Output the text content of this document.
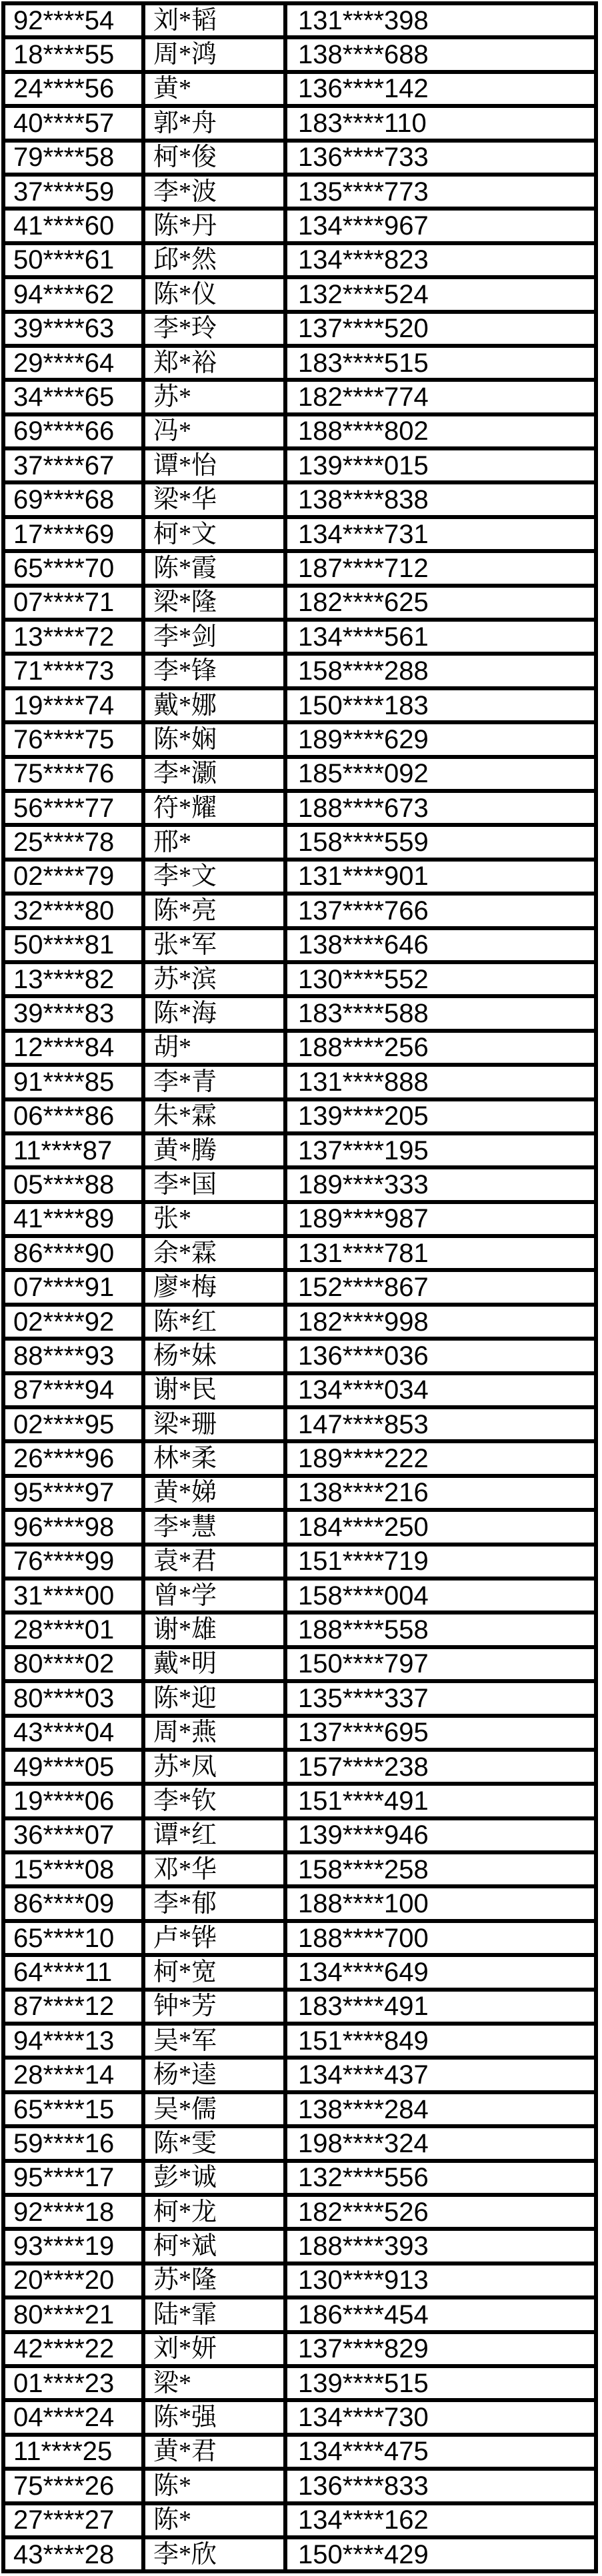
92****54	刘*韬	131****398
18****55	周*鸿	138****688
24****56	黄*	136****142
40****57	郭*舟	183****110
79****58	柯*俊	136****733
37****59	李*波	135****773
41****60	陈*丹	134****967
50****61	邱*然	134****823
94****62	陈*仪	132****524
39****63	李*玲	137****520
29****64	郑*裕	183****515
34****65	苏*	182****774
69****66	冯*	188****802
37****67	谭*怡	139****015
69****68	梁*华	138****838
17****69	柯*文	134****731
65****70	陈*霞	187****712
07****71	梁*隆	182****625
13****72	李*剑	134****561
71****73	李*锋	158****288
19****74	戴*娜	150****183
76****75	陈*娴	189****629
75****76	李*灏	185****092
56****77	符*耀	188****673
25****78	邢*	158****559
02****79	李*文	131****901
32****80	陈*亮	137****766
50****81	张*军	138****646
13****82	苏*滨	130****552
39****83	陈*海	183****588
12****84	胡*	188****256
91****85	李*青	131****888
06****86	朱*霖	139****205
11****87	黄*腾	137****195
05****88	李*国	189****333
41****89	张*	189****987
86****90	余*霖	131****781
07****91	廖*梅	152****867
02****92	陈*红	182****998
88****93	杨*妹	136****036
87****94	谢*民	134****034
02****95	梁*珊	147****853
26****96	林*柔	189****222
95****97	黄*娣	138****216
96****98	李*慧	184****250
76****99	袁*君	151****719
31****00	曾*学	158****004
28****01	谢*雄	188****558
80****02	戴*明	150****797
80****03	陈*迎	135****337
43****04	周*燕	137****695
49****05	苏*凤	157****238
19****06	李*钦	151****491
36****07	谭*红	139****946
15****08	邓*华	158****258
86****09	李*郁	188****100
65****10	卢*铧	188****700
64****11	柯*宽	134****649
87****12	钟*芳	183****491
94****13	吴*军	151****849
28****14	杨*逵	134****437
65****15	吴*儒	138****284
59****16	陈*雯	198****324
95****17	彭*诚	132****556
92****18	柯*龙	182****526
93****19	柯*斌	188****393
20****20	苏*隆	130****913
80****21	陆*霏	186****454
42****22	刘*妍	137****829
01****23	梁*	139****515
04****24	陈*强	134****730
11****25	黄*君	134****475
75****26	陈*	136****833
27****27	陈*	134****162
43****28	李*欣	150****429
